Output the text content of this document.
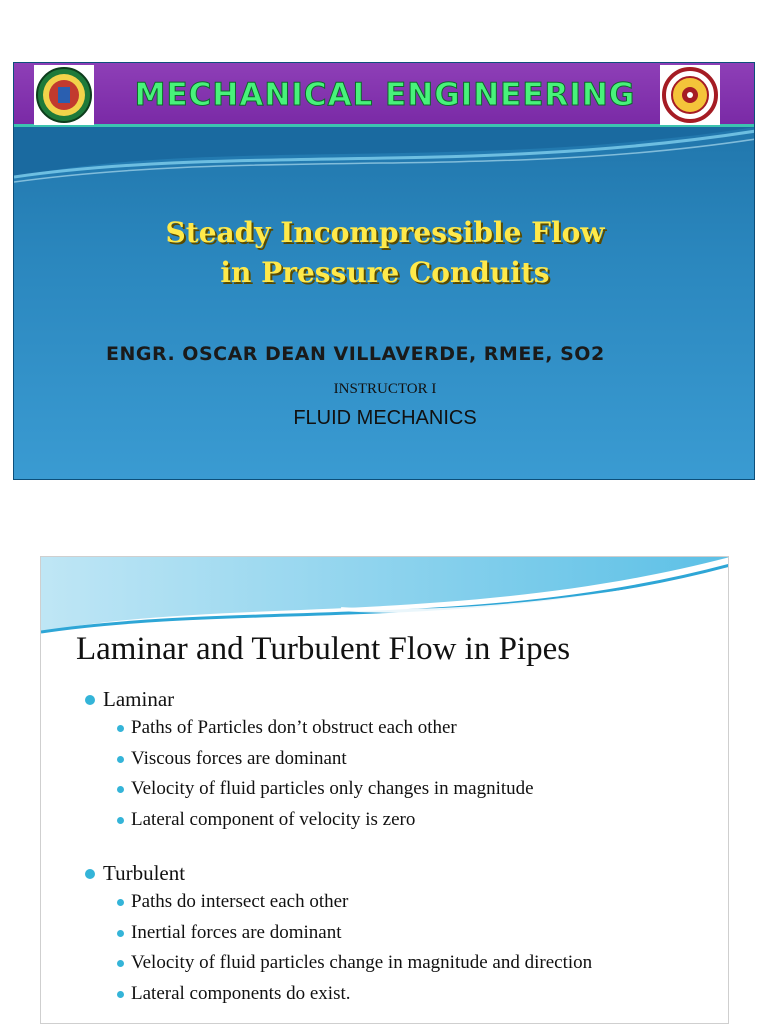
MECHANICAL ENGINEERING
Steady Incompressible Flow
in Pressure Conduits
ENGR. OSCAR DEAN VILLAVERDE, RMEE, SO2
INSTRUCTOR I
FLUID MECHANICS
Laminar and Turbulent Flow in Pipes
Laminar
Paths of Particles don’t obstruct each other
Viscous forces are dominant
Velocity of fluid particles only changes in magnitude
Lateral component of velocity is zero
Turbulent
Paths do intersect each other
Inertial forces are dominant
Velocity of fluid particles change in magnitude and direction
Lateral components do exist.
